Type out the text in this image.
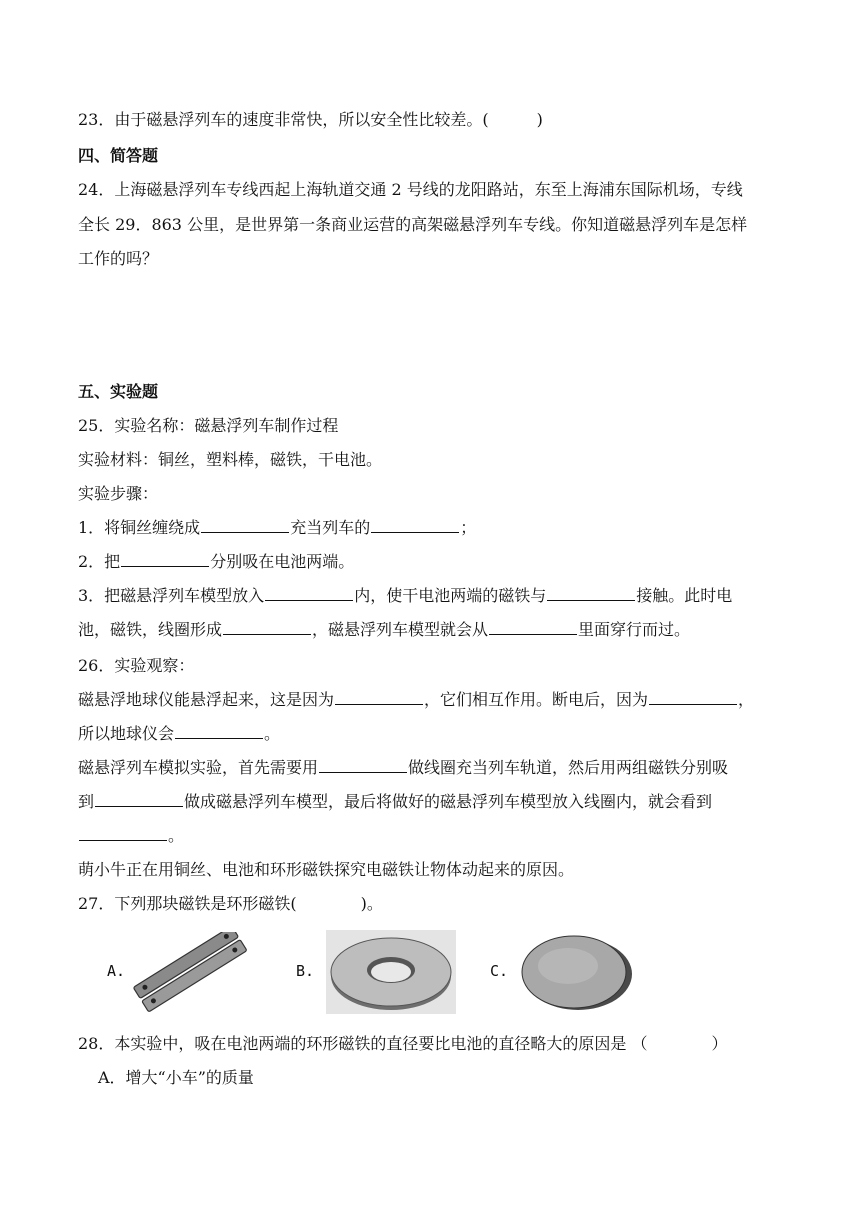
23．由于磁悬浮列车的速度非常快，所以安全性比较差。(　　　)
四、简答题
24．上海磁悬浮列车专线西起上海轨道交通 2 号线的龙阳路站，东至上海浦东国际机场，专线
全长 29．863 公里，是世界第一条商业运营的高架磁悬浮列车专线。你知道磁悬浮列车是怎样
工作的吗？
五、实验题
25．实验名称：磁悬浮列车制作过程
实验材料：铜丝，塑料棒，磁铁，干电池。
实验步骤：
1．将铜丝缠绕成	充当列车的	；
2．把	分别吸在电池两端。
3．把磁悬浮列车模型放入	内，使干电池两端的磁铁与	接触。此时电
池，磁铁，线圈形成	，磁悬浮列车模型就会从	里面穿行而过。
26．实验观察：
磁悬浮地球仪能悬浮起来，这是因为	，它们相互作用。断电后，因为	，
所以地球仪会	。
磁悬浮列车模拟实验，首先需要用	做线圈充当列车轨道，然后用两组磁铁分别吸
到	做成磁悬浮列车模型，最后将做好的磁悬浮列车模型放入线圈内，就会看到
。
萌小牛正在用铜丝、电池和环形磁铁探究电磁铁让物体动起来的原因。
27．下列那块磁铁是环形磁铁(　　　　)。
A.	B.	C.
28．本实验中，吸在电池两端的环形磁铁的直径要比电池的直径略大的原因是 （　　　　）
A．增大“小车”的质量
